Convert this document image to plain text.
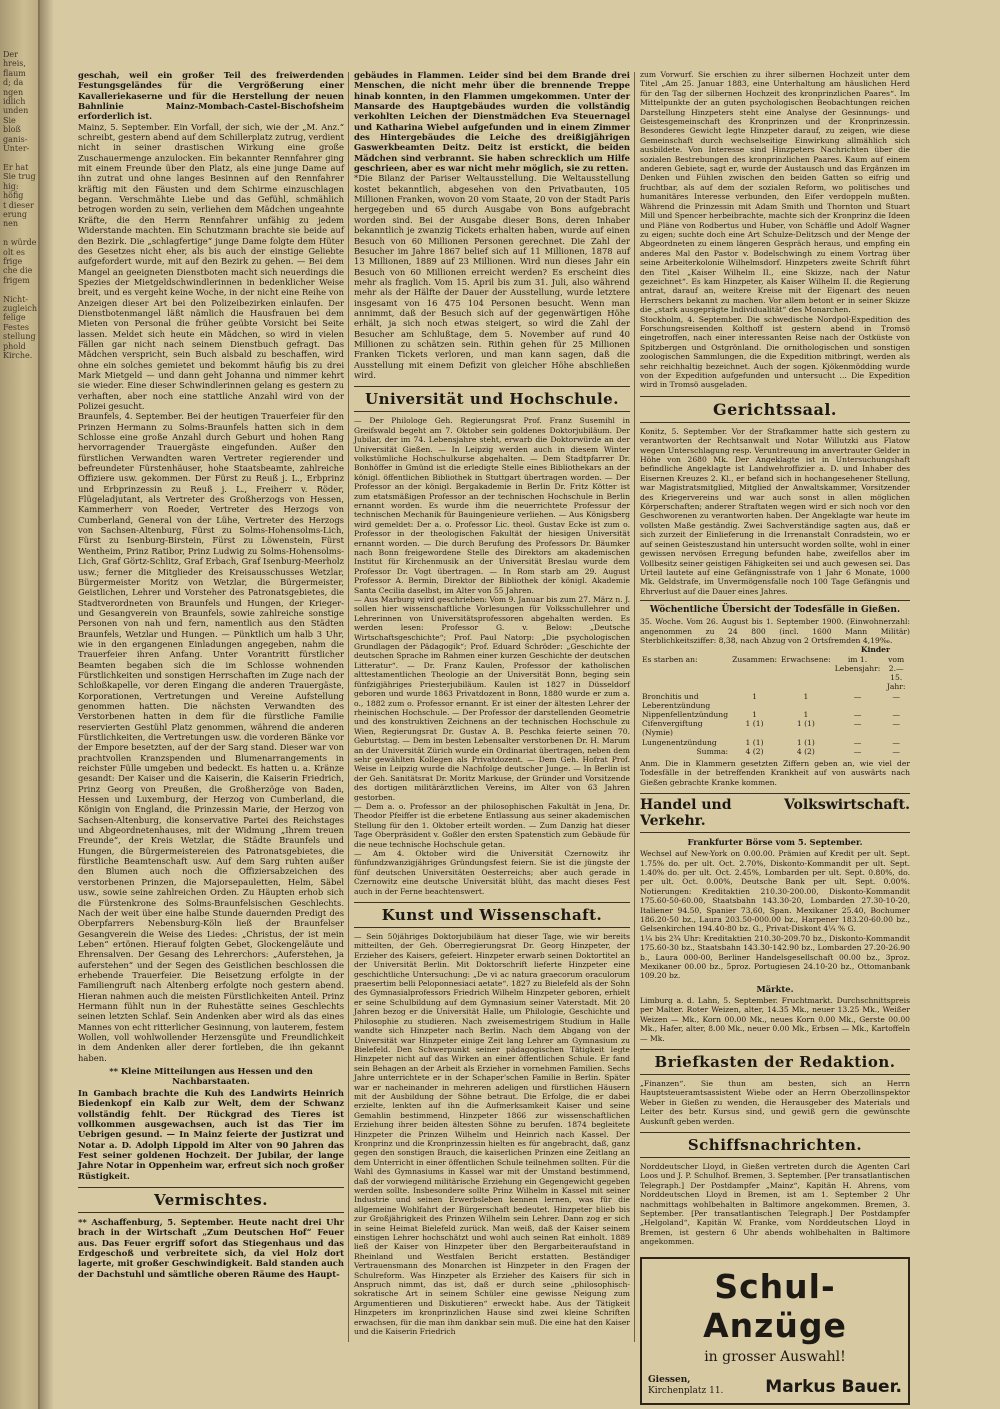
Der
hreis,
flaum
d; da
ngen
idlich
unden
Sie
bloß
ganis-
Unter-

Er hat
Sie trug
hig:
höfig
t dieser
erung
nen

n würde
olt es
frige
che die
frigem

Nicht-
zugleich
felige
Festes
stellung
phold
Kirche.

geschah, weil ein großer Teil des freiwerdenden Festungsgeländes für die Vergrößerung einer Kavalleriekaserne und für die Herstellung der neuen Bahnlinie Mainz-Mombach-Castel-Bischofsheim erforderlich ist.

Mainz, 5. September. Ein Vorfall, der sich, wie der „M. Anz.“ schreibt, gestern abend auf dem Schillerplatz zutrug, verdient nicht in seiner drastischen Wirkung eine große Zuschauermenge anzulocken. Ein bekannter Rennfahrer ging mit einem Freunde über den Platz, als eine junge Dame auf ihn zutrat und ohne langes Besinnen auf den Rennfahrer kräftig mit den Fäusten und dem Schirme einzuschlagen begann. Verschmähte Liebe und das Gefühl, schmählich betrogen worden zu sein, verliehen dem Mädchen ungeahnte Kräfte, die den Herrn Rennfahrer unfähig zu jedem Widerstande machten. Ein Schutzmann brachte sie beide auf den Bezirk. Die „schlagfertige“ junge Dame folgte dem Hüter des Gesetzes nicht eher, als bis auch der einstige Geliebte aufgefordert wurde, mit auf den Bezirk zu gehen. — Bei dem Mangel an geeigneten Dienstboten macht sich neuerdings die Spezies der Mietgeldschwindlerinnen in bedenklicher Weise breit, und es vergeht keine Woche, in der nicht eine Reihe von Anzeigen dieser Art bei den Polizeibezirken einlaufen. Der Dienstbotenmangel läßt nämlich die Hausfrauen bei dem Mieten von Personal die früher geübte Vorsicht bei Seite lassen. Meldet sich heute ein Mädchen, so wird in vielen Fällen gar nicht nach seinem Dienstbuch gefragt. Das Mädchen verspricht, sein Buch alsbald zu beschaffen, wird ohne ein solches gemietet und bekommt häufig bis zu drei Mark Mietgeld — und dann geht Johanna und nimmer kehrt sie wieder. Eine dieser Schwindlerinnen gelang es gestern zu verhaften, aber noch eine stattliche Anzahl wird von der Polizei gesucht.

Braunfels, 4. September. Bei der heutigen Trauerfeier für den Prinzen Hermann zu Solms-Braunfels hatten sich in dem Schlosse eine große Anzahl durch Geburt und hohen Rang hervorragender Trauergäste eingefunden. Außer den fürstlichen Verwandten waren Vertreter regierender und befreundeter Fürstenhäuser, hohe Staatsbeamte, zahlreiche Offiziere usw. gekommen. Der Fürst zu Reuß j. L., Erbprinz und Erbprinzessin zu Reuß j. L., Freiherr v. Röder, Flügeladjutant, als Vertreter des Großherzogs von Hessen, Kammerherr von Roeder, Vertreter des Herzogs von Cumberland, General von der Lühe, Vertreter des Herzogs von Sachsen-Altenburg, Fürst zu Solms-Hohensolms-Lich, Fürst zu Isenburg-Birstein, Fürst zu Löwenstein, Fürst Wentheim, Prinz Ratibor, Prinz Ludwig zu Solms-Hohensolms-Lich, Graf Görtz-Schlitz, Graf Erbach, Graf Isenburg-Meerholz usw.; ferner die Mitglieder des Kreisausschusses Wetzlar, Bürgermeister Moritz von Wetzlar, die Bürgermeister, Geistlichen, Lehrer und Vorsteher des Patronatsgebietes, die Stadtverordneten von Braunfels und Hungen, der Krieger- und Gesangverein von Braunfels, sowie zahlreiche sonstige Personen von nah und fern, namentlich aus den Städten Braunfels, Wetzlar und Hungen. — Pünktlich um halb 3 Uhr, wie in den ergangenen Einladungen angegeben, nahm die Trauerfeier ihren Anfang. Unter Vorantritt fürstlicher Beamten begaben sich die im Schlosse wohnenden Fürstlichkeiten und sonstigen Herrschaften im Zuge nach der Schloßkapelle, vor deren Eingang die anderen Trauergäste, Korporationen, Vertretungen und Vereine Aufstellung genommen hatten. Die nächsten Verwandten des Verstorbenen hatten in dem für die fürstliche Familie reservierten Gestühl Platz genommen, während die anderen Fürstlichkeiten, die Vertretungen usw. die vorderen Bänke vor der Empore besetzten, auf der der Sarg stand. Dieser war von prachtvollen Kranzspenden und Blumenarrangements in reichster Fülle umgeben und bedeckt. Es hatten u. a. Kränze gesandt: Der Kaiser und die Kaiserin, die Kaiserin Friedrich, Prinz Georg von Preußen, die Großherzöge von Baden, Hessen und Luxemburg, der Herzog von Cumberland, die Königin von England, die Prinzessin Marie, der Herzog von Sachsen-Altenburg, die konservative Partei des Reichstages und Abgeordnetenhauses, mit der Widmung „Ihrem treuen Freunde“, der Kreis Wetzlar, die Städte Braunfels und Hungen, die Bürgermeistereien des Patronatsgebietes, die fürstliche Beamtenschaft usw. Auf dem Sarg ruhten außer den Blumen auch noch die Offiziersabzeichen des verstorbenen Prinzen, die Majorsepauletten, Helm, Säbel usw., sowie seine zahlreichen Orden. Zu Häupten erhob sich die Fürstenkrone des Solms-Braunfelsischen Geschlechts. Nach der weit über eine halbe Stunde dauernden Predigt des Oberpfarrers Nebensburg-Köln ließ der Braunfelser Gesangverein die Weise des Liedes: „Christus, der ist mein Leben“ ertönen. Hierauf folgten Gebet, Glockengeläute und Ehrensalven. Der Gesang des Lehrerchors: „Auferstehen, ja auferstehen“ und der Segen des Geistlichen beschlossen die erhebende Trauerfeier. Die Beisetzung erfolgte in der Familiengruft nach Altenberg erfolgte noch gestern abend. Hieran nahmen auch die meisten Fürstlichkeiten Anteil. Prinz Hermann fühlt nun in der Ruhestätte seines Geschlechts seinen letzten Schlaf. Sein Andenken aber wird als das eines Mannes von echt ritterlicher Gesinnung, von lauterem, festem Wollen, voll wohlwollender Herzensgüte und Freundlichkeit in dem Andenken aller derer fortleben, die ihn gekannt haben.

** Kleine Mitteilungen aus Hessen und den Nachbarstaaten.

In Gambach brachte die Kuh des Landwirts Heinrich Biedenkopf ein Kalb zur Welt, dem der Schwanz vollständig fehlt. Der Rückgrad des Tieres ist vollkommen ausgewachsen, auch ist das Tier im Uebrigen gesund. — In Mainz feierte der Justizrat und Notar a. D. Adolph Lippold im Alter von 90 Jahren das Fest seiner goldenen Hochzeit. Der Jubilar, der lange Jahre Notar in Oppenheim war, erfreut sich noch großer Rüstigkeit.

Vermischtes.

** Aschaffenburg, 5. September. Heute nacht drei Uhr brach in der Wirtschaft „Zum Deutschen Hof“ Feuer aus. Das Feuer ergriff sofort das Stiegenhaus und das Erdgeschoß und verbreitete sich, da viel Holz dort lagerte, mit großer Geschwindigkeit. Bald standen auch der Dachstuhl und sämtliche oberen Räume des Haupt-

gebäudes in Flammen. Leider sind bei dem Brande drei Menschen, die nicht mehr über die brennende Treppe hinab konnten, in den Flammen umgekommen. Unter der Mansarde des Hauptgebäudes wurden die vollständig verkohlten Leichen der Dienstmädchen Eva Steuernagel und Katharina Wiebel aufgefunden und in einem Zimmer des Hintergebäudes die Leiche des dreißigjährigen Gaswerkbeamten Deitz. Deitz ist erstickt, die beiden Mädchen sind verbrannt. Sie haben schrecklich um Hilfe geschrieen, aber es war nicht mehr möglich, sie zu retten.

*Die Bilanz der Pariser Weltausstellung. Die Weltausstellung kostet bekanntlich, abgesehen von den Privatbauten, 105 Millionen Franken, wovon 20 vom Staate, 20 von der Stadt Paris hergegeben und 65 durch Ausgabe von Bons aufgebracht worden sind. Bei der Ausgabe dieser Bons, deren Inhaber bekanntlich je zwanzig Tickets erhalten haben, wurde auf einen Besuch von 60 Millionen Personen gerechnet. Die Zahl der Besucher im Jahre 1867 belief sich auf 11 Millionen, 1878 auf 13 Millionen, 1889 auf 23 Millionen. Wird nun dieses Jahr ein Besuch von 60 Millionen erreicht werden? Es erscheint dies mehr als fraglich. Vom 15. April bis zum 31. Juli, also während mehr als der Hälfte der Dauer der Ausstellung, wurde letztere insgesamt von 16 475 104 Personen besucht. Wenn man annimmt, daß der Besuch sich auf der gegenwärtigen Höhe erhält, ja sich noch etwas steigert, so wird die Zahl der Besucher am Schlußtage, dem 5. November auf rund 40 Millionen zu schätzen sein. Rithin gehen für 25 Millionen Franken Tickets verloren, und man kann sagen, daß die Ausstellung mit einem Defizit von gleicher Höhe abschließen wird.

Universität und Hochschule.

— Der Philologe Geh. Regierungsrat Prof. Franz Susemihl in Greifswald begeht am 7. Oktober sein goldenes Doktorjubiläum. Der Jubilar, der im 74. Lebensjahre steht, erwarb die Doktorwürde an der Universität Gießen. — In Leipzig werden auch in diesem Winter volkstümliche Hochschulkurse abgehalten. — Dem Stadtpfarrer Dr. Bonhöffer in Gmünd ist die erledigte Stelle eines Bibliothekars an der königl. öffentlichen Bibliothek in Stuttgart übertragen worden. — Der Professor an der königl. Bergakademie in Berlin Dr. Fritz Kötter ist zum etatsmäßigen Professor an der technischen Hochschule in Berlin ernannt worden. Es wurde ihm die neuerrichtete Professur der technischen Mechanik für Bauingenieure verliehen. — Aus Königsberg wird gemeldet: Der a. o. Professor Lic. theol. Gustav Ecke ist zum o. Professor in der theologischen Fakultät der hiesigen Universität ernannt worden. — Die durch Berufung des Professors Dr. Bäumker nach Bonn freigewordene Stelle des Direktors am akademischen Institut für Kirchenmusik an der Universität Breslau wurde dem Professor Dr. Vogt übertragen. — In Rom starb am 29. August Professor A. Bermin, Direktor der Bibliothek der königl. Akademie Santa Cecilia daselbst, im Alter von 55 Jahren.

— Aus Marburg wird geschrieben: Vom 9. Januar bis zum 27. März n. J. sollen hier wissenschaftliche Vorlesungen für Volksschullehrer und Lehrerinnen von Universitätsprofessoren abgehalten werden. Es werden lesen: Professor G. v. Below: „Deutsche Wirtschaftsgeschichte“; Prof. Paul Natorp: „Die psychologischen Grundlagen der Pädagogik“; Prof. Eduard Schröder: „Geschichte der deutschen Sprache im Rahmen einer kurzen Geschichte der deutschen Litteratur“. — Dr. Franz Kaulen, Professor der katholischen alttestamentlichen Theologie an der Universität Bonn, beging sein fünfzigjähriges Priesterjubiläum. Kaulen ist 1827 in Düsseldorf geboren und wurde 1863 Privatdozent in Bonn, 1880 wurde er zum a. o., 1882 zum o. Professor ernannt. Er ist einer der ältesten Lehrer der rheinischen Hochschule. — Der Professor der darstellenden Geometrie und des konstruktiven Zeichnens an der technischen Hochschule zu Wien, Regierungsrat Dr. Gustav A. B. Peschka feierte seinen 70. Geburtstag. — Dem im besten Lebensalter verstorbenen Dr. H. Marum an der Universität Zürich wurde ein Ordinariat übertragen, neben dem sehr gewählten Kollegen als Privatdozent. — Dem Geh. Hofrat Prof. Weise in Leipzig wurde die Nachfolge deutscher Junge. — In Berlin ist der Geh. Sanitätsrat Dr. Moritz Markuse, der Gründer und Vorsitzende des dortigen militärärztlichen Vereins, im Alter von 63 Jahren gestorben.

— Dem a. o. Professor an der philosophischen Fakultät in Jena, Dr. Theodor Pfeiffer ist die erbetene Entlassung aus seiner akademischen Stellung für den 1. Oktober erteilt worden. — Zum Danzig hat dieser Tage Oberpräsident v. Goßler den ersten Spatenstich zum Gebäude für die neue technische Hochschule getan.

— Am 4. Oktober wird die Universität Czernowitz ihr fünfundzwanzigjähriges Gründungsfest feiern. Sie ist die jüngste der fünf deutschen Universitäten Oesterreichs; aber auch gerade in Czernowitz eine deutsche Universität blüht, das macht dieses Fest auch in der Ferne beachtenswert.

Kunst und Wissenschaft.

— Sein 50jähriges Doktorjubiläum hat dieser Tage, wie wir bereits mitteilten, der Geh. Oberregierungsrat Dr. Georg Hinzpeter, der Erzieher des Kaisers, gefeiert. Hinzpeter erwarb seinen Doktortitel an der Universität Berlin. Mit Doktorschrift lieferte Hinzpeter eine geschichtliche Untersuchung: „De vi ac natura graecorum oraculorum praesertim belli Peloponnesiaci aetate“. 1827 zu Bielefeld als der Sohn des Gymnasialprofessors Friedrich Wilhelm Hinzpeter geboren, erhielt er seine Schulbildung auf dem Gymnasium seiner Vaterstadt. Mit 20 Jahren bezog er die Universität Halle, um Philologie, Geschichte und Philosophie zu studieren. Nach zweisemestrigem Studium in Halle wandte sich Hinzpeter nach Berlin. Nach dem Abgang von der Universität war Hinzpeter einige Zeit lang Lehrer am Gymnasium zu Bielefeld. Den Schwerpunkt seiner pädagogischen Tätigkeit legte Hinzpeter nicht auf das Wirken an einer öffentlichen Schule. Er fand sein Behagen an der Arbeit als Erzieher in vornehmen Familien. Sechs Jahre unterrichtete er in der Schaper'schen Familie in Berlin. Später war er nacheinander in mehreren adeligen und fürstlichen Häusern mit der Ausbildung der Söhne betraut. Die Erfolge, die er dabei erzielte, lenkten auf ihn die Aufmerksamkeit Kaiser und seine Gemahlin bestimmend, Hinzpeter 1866 zur wissenschaftlichen Erziehung ihrer beiden ältesten Söhne zu berufen. 1874 begleitete Hinzpeter die Prinzen Wilhelm und Heinrich nach Kassel. Der Kronprinz und die Kronprinzessin hielten es für angebracht, daß, ganz gegen den sonstigen Brauch, die kaiserlichen Prinzen eine Zeitlang an dem Unterricht in einer öffentlichen Schule teilnehmen sollten. Für die Wahl des Gymnasiums in Kassel war mit der Umstand bestimmend, daß der vorwiegend militärische Erziehung ein Gegengewicht gegeben werden sollte. Insbesondere sollte Prinz Wilhelm in Kassel mit seiner Industrie und seinen Erwerbsleben kennen lernen, was für die allgemeine Wohlfahrt der Bürgerschaft bedeutet. Hinzpeter blieb bis zur Großjährigkeit des Prinzen Wilhelm sein Lehrer. Dann zog er sich in seine Heimat Bielefeld zurück. Man weiß, daß der Kaiser seinem einstigen Lehrer hochschätzt und wohl auch seinen Rat einholt. 1889 ließ der Kaiser von Hinzpeter über den Bergarbeiteraufstand in Rheinland und Westfalen Bericht erstatten. Beständiger Vertrauensmann des Monarchen ist Hinzpeter in den Fragen der Schulreform. Was Hinzpeter als Erzieher des Kaisers für sich in Anspruch nimmt, das ist, daß er durch seine „philosophisch-sokratische Art in seinem Schüler eine gewisse Neigung zum Argumentieren und Diskutieren“ erweckt habe. Aus der Tätigkeit Hinzpeters im kronprinzlichen Hause sind zwei kleine Schriften erwachsen, für die man ihm dankbar sein muß. Die eine hat den Kaiser und die Kaiserin Friedrich

zum Vorwurf. Sie erschien zu ihrer silbernen Hochzeit unter dem Titel „Am 25. Januar 1883, eine Unterhaltung am häuslichen Herd für den Tag der silbernen Hochzeit des kronprinzlichen Paares“. Im Mittelpunkte der an guten psychologischen Beobachtungen reichen Darstellung Hinzpeters steht eine Analyse der Gesinnungs- und Geistesgemeinschaft des Kronprinzen und der Kronprinzessin. Besonderes Gewicht legte Hinzpeter darauf, zu zeigen, wie diese Gemeinschaft durch wechselseitige Einwirkung allmählich sich ausbildete. Von Interesse sind Hinzpeters Nachrichten über die sozialen Bestrebungen des kronprinzlichen Paares. Kaum auf einem anderen Gebiete, sagt er, wurde der Austausch und das Ergänzen im Denken und Fühlen zwischen den beiden Gatten so eifrig und fruchtbar, als auf dem der sozialen Reform, wo politisches und humanitäres Interesse verbunden, den Eifer verdoppeln mußten. Während die Prinzessin mit Adam Smith und Thornton und Stuart Mill und Spencer herbeibrachte, machte sich der Kronprinz die Ideen und Pläne von Rodbertus und Huber, von Schäffle und Adolf Wagner zu eigen; suchte doch eine Art Schulze-Delitzsch und der Menge der Abgeordneten zu einem längeren Gespräch heraus, und empfing ein anderes Mal den Pastor v. Bodelschwingh zu einem Vortrag über seine Arbeiterkolonie Wilhelmsdorf. Hinzpeters zweite Schrift führt den Titel „Kaiser Wilhelm II., eine Skizze, nach der Natur gezeichnet“. Es kam Hinzpeter, als Kaiser Wilhelm II. die Regierung antrat, darauf an, weitere Kreise mit der Eigenart des neuen Herrschers bekannt zu machen. Vor allem betont er in seiner Skizze die „stark ausgeprägte Individualität“ des Monarchen.

Stockholm, 4. September. Die schwedische Nordpol-Expedition des Forschungsreisenden Kolthoff ist gestern abend in Tromsö eingetroffen, nach einer interessanten Reise nach der Ostküste von Spitzbergen und Ostgrönland. Die ornithologischen und sonstigen zoologischen Sammlungen, die die Expedition mitbringt, werden als sehr reichhaltig bezeichnet. Auch der sogen. Kjökenmödding wurde von der Expedition aufgefunden und untersucht ... Die Expedition wird in Tromsö ausgeladen.

Gerichtssaal.

Konitz, 5. September. Vor der Strafkammer hatte sich gestern zu verantworten der Rechtsanwalt und Notar Willutzki aus Flatow wegen Unterschlagung resp. Veruntreuung im anvertrauter Gelder in Höhe von 2680 Mk. Der Angeklagte ist in Untersuchungshaft befindliche Angeklagte ist Landwehroffizier a. D. und Inhaber des Eisernen Kreuzes 2. Kl., er befand sich in hochangesehener Stellung, war Magistratsmitglied, Mitglied der Anwaltskammer, Vorsitzender des Kriegervereins und war auch sonst in allen möglichen Körperschaften; anderer Straftaten wegen wird er sich noch vor den Geschworenen zu verantworten haben. Der Angeklagte war heute im vollsten Maße geständig. Zwei Sachverständige sagten aus, daß er sich zurzeit der Einlieferung in die Irrenanstalt Conradstein, wo er auf seinen Geisteszustand hin untersucht worden sollte, wohl in einer gewissen nervösen Erregung befunden habe, zweifellos aber im Vollbesitz seiner geistigen Fähigkeiten sei und auch gewesen sei. Das Urteil lautete auf eine Gefängnisstrafe von 1 Jahr 6 Monate, 1000 Mk. Geldstrafe, im Unvermögensfalle noch 100 Tage Gefängnis und Ehrverlust auf die Dauer eines Jahres.

Wöchentliche Übersicht der Todesfälle in Gießen.

35. Woche. Vom 26. August bis 1. September 1900. (Einwohnerzahl: angenommen zu 24 800 (incl. 1600 Mann Militär) Sterblichkeitsziffer: 8,38, nach Abzug von 2 Ortsfremden 4,19‰.

Kinder
Es starben an:	Zusammen:	Erwachsene:	im 1. Lebensjahr:	vom 2.—15. Jahr:
Bronchitis und Leberentzündung	1	1	—	—
Nippenfellentzündung	1	1	—	—
Cifenvergiftung (Nymie)	1 (1)	1 (1)	—	—
Lungenentzündung	1 (1)	1 (1)	—	—
Summa:	4 (2)	4 (2)	—	—

Anm. Die in Klammern gesetzten Ziffern geben an, wie viel der Todesfälle in der betreffenden Krankheit auf von auswärts nach Gießen gebrachte Kranke kommen.

Handel und Verkehr.
Volkswirtschaft.
Frankfurter Börse vom 5. September.

Wechsel auf New-York on 0.00.00. Prämien auf Kredit per ult. Sept. 1.75% do. per ult. Oct. 2.70%, Diskonto-Kommandit per ult. Sept. 1.40% do. per ult. Oct. 2.45%, Lombarden per ult. Sept. 0.80%, do. per ult. Oct. 0.00%, Deutsche Bank per ult. Sept. 0.00%. Notierungen: Kreditaktien 210.30-200.00, Diskonto-Kommandit 175.60-50-60.00, Staatsbahn 143.30-20, Lombarden 27.30-10-20, Italiener 94.50, Spanier 73,60, Span. Mexikaner 25.40, Bochumer 186.20-50 bz., Laura 203.50-000.00 bz., Harpener 183.20-60.00 bz., Gelsenkirchen 194.40-80 bz. G., Privat-Diskont 4¼ % G.

1¼ bis 2¾ Uhr: Kreditaktien 210.30-209.70 bz., Diskonto-Kommandit 175.60-30 bz., Staatsbahn 143.30-142.90 bz., Lombarden 27.20-26.90 b., Laura 000-00, Berliner Handelsgesellschaft 00.00 bz., 3proz. Mexikaner 00.00 bz., 5proz. Portugiesen 24.10-20 bz., Ottomanbank 109.20 bz.

Märkte.

Limburg a. d. Lahn, 5. September. Fruchtmarkt. Durchschnittspreis per Malter. Roter Weizen, alter, 14.35 Mk., neuer 13.25 Mk., Weißer Weizen — Mk., Korn 00.00 Mk., neues Korn 0.00 Mk., Gerste 00.00 Mk., Hafer, alter, 8.00 Mk., neuer 0.00 Mk., Erbsen — Mk., Kartoffeln — Mk.

Briefkasten der Redaktion.

„Finanzen“. Sie thun am besten, sich an Herrn Hauptsteueramtsassistent Wiebe oder an Herrn Oberzollinspektor Weber in Gießen zu wenden, die Herausgeber des Materials und Leiter des betr. Kursus sind, und gewiß gern die gewünschte Auskunft geben werden.

Schiffsnachrichten.

Norddeutscher Lloyd, in Gießen vertreten durch die Agenten Carl Loos und J. P. Schulhof. Bremen, 3. September. [Per transatlantischen Telegraph.] Der Postdampfer „Mainz“, Kapitän H. Ahrens, vom Norddeutschen Lloyd in Bremen, ist am 1. September 2 Uhr nachmittags wohlbehalten in Baltimore angekommen. Bremen, 3. September. [Per transatlantischen Telegraph.] Der Postdampfer „Helgoland“, Kapitän W. Franke, vom Norddeutschen Lloyd in Bremen, ist gestern 6 Uhr abends wohlbehalten in Baltimore angekommen.

Schul-Anzüge
in grosser Auswahl!
Giessen,
Kirchenplatz 11. Markus Bauer.
